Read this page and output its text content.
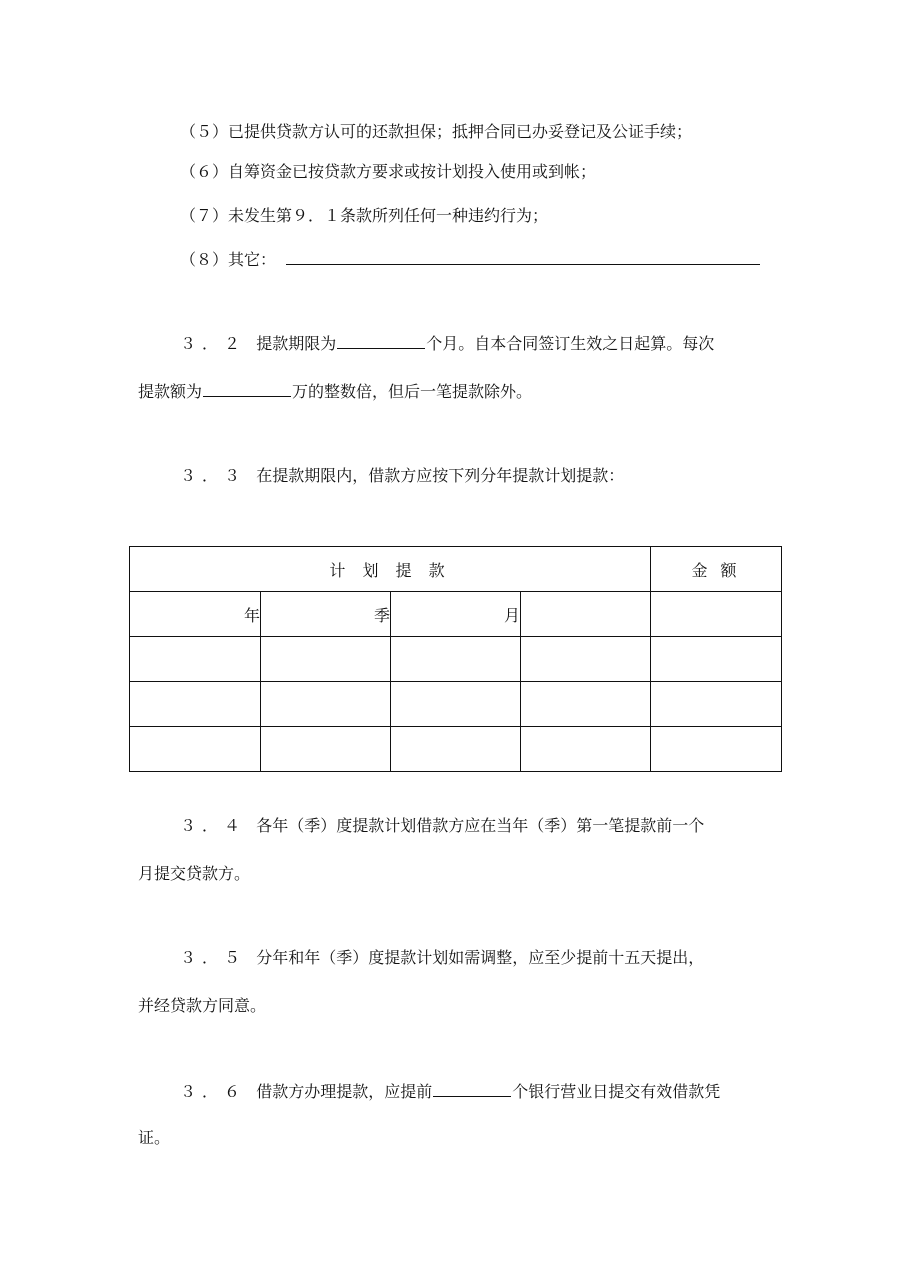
（５）已提供贷款方认可的还款担保；抵押合同已办妥登记及公证手续；
（６）自筹资金已按贷款方要求或按计划投入使用或到帐；
（７）未发生第９．１条款所列任何一种违约行为；
（８）其它：
３．２ 提款期限为	个月。自本合同签订生效之日起算。每次
提款额为	万的整数倍，但后一笔提款除外。
３．３ 在提款期限内，借款方应按下列分年提款计划提款：
计 划 提 款				金 额
年	季	月		

３．４ 各年（季）度提款计划借款方应在当年（季）第一笔提款前一个
月提交贷款方。
３．５ 分年和年（季）度提款计划如需调整，应至少提前十五天提出，
并经贷款方同意。
３．６ 借款方办理提款，应提前	个银行营业日提交有效借款凭
证。
